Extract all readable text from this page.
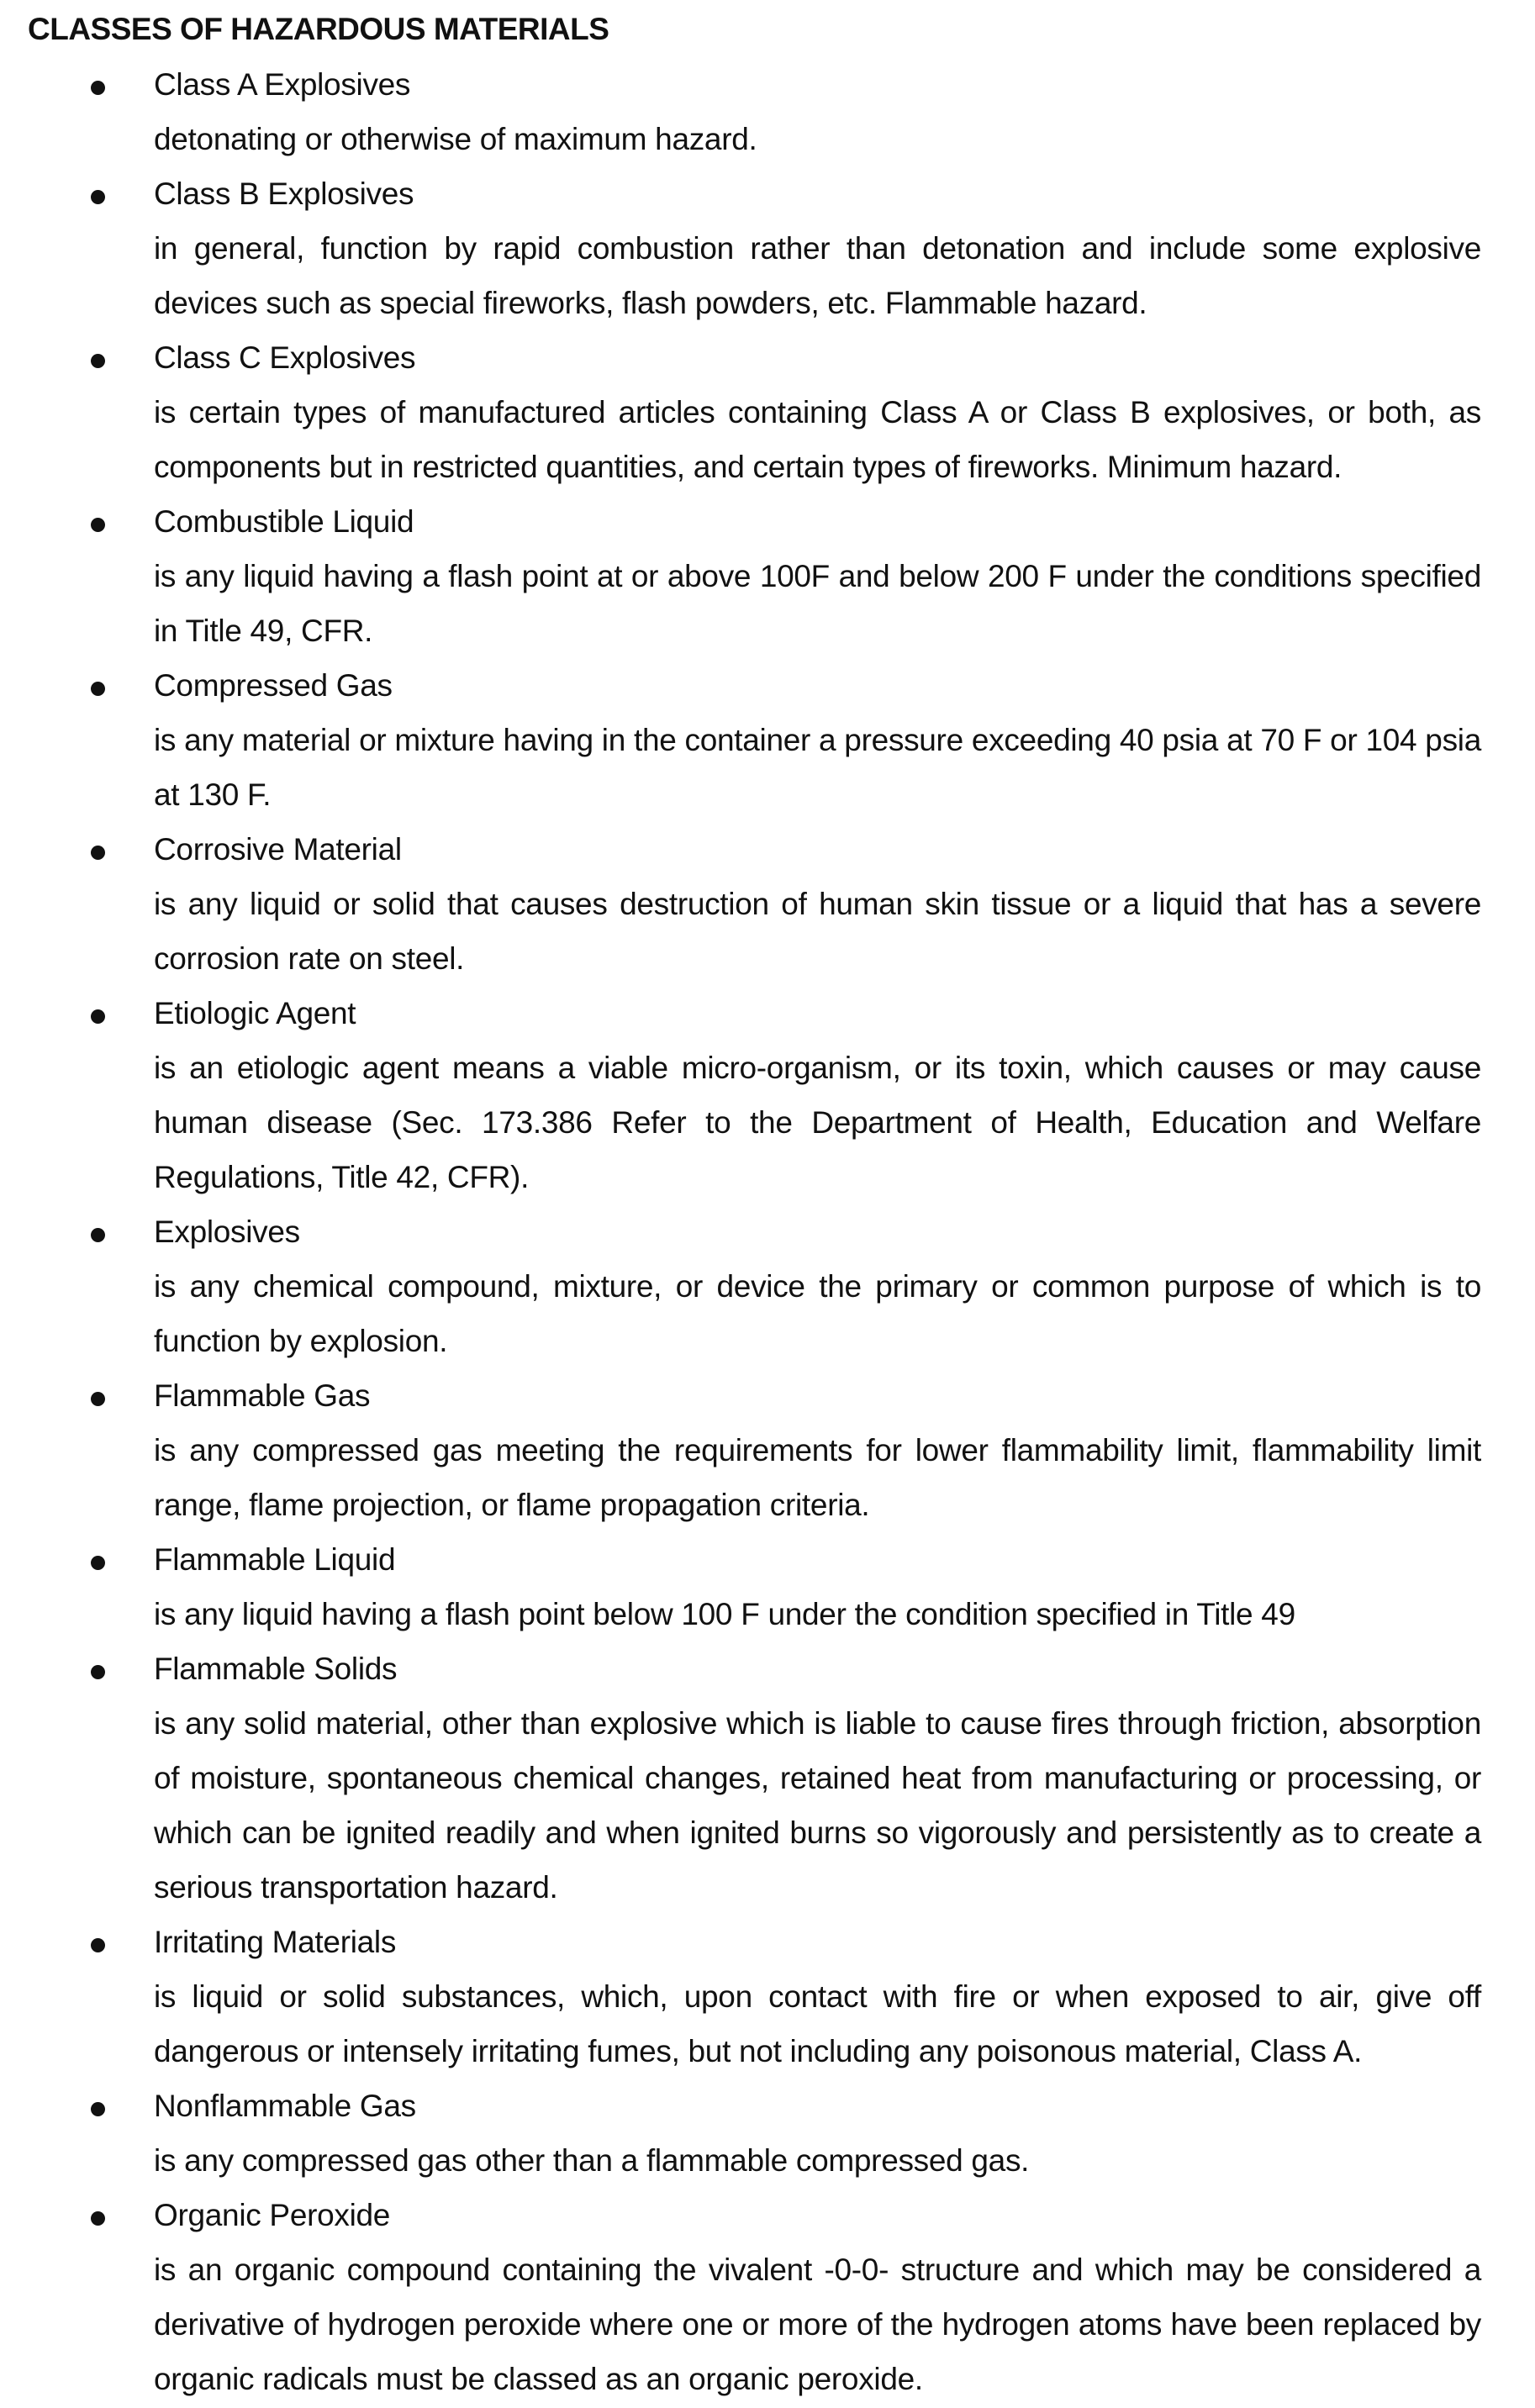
CLASSES OF HAZARDOUS MATERIALS
Class A Explosives
detonating or otherwise of maximum hazard.
Class B Explosives
in general, function by rapid combustion rather than detonation and include some explosive devices such as special fireworks, flash powders, etc. Flammable hazard.
Class C Explosives
is certain types of manufactured articles containing Class A or Class B explosives, or both, as components but in restricted quantities, and certain types of fireworks. Minimum hazard.
Combustible Liquid
is any liquid having a flash point at or above 100F and below 200 F under the conditions specified in Title 49, CFR.
Compressed Gas
is any material or mixture having in the container a pressure exceeding 40 psia at 70 F or 104 psia at 130 F.
Corrosive Material
is any liquid or solid that causes destruction of human skin tissue or a liquid that has a severe corrosion rate on steel.
Etiologic Agent
is an etiologic agent means a viable micro-organism, or its toxin, which causes or may cause human disease (Sec. 173.386 Refer to the Department of Health, Education and Welfare Regulations, Title 42, CFR).
Explosives
is any chemical compound, mixture, or device the primary or common purpose of which is to function by explosion.
Flammable Gas
is any compressed gas meeting the requirements for lower flammability limit, flammability limit range, flame projection, or flame propagation criteria.
Flammable Liquid
is any liquid having a flash point below 100 F under the condition specified in Title 49
Flammable Solids
is any solid material, other than explosive which is liable to cause fires through friction, absorption of moisture, spontaneous chemical changes, retained heat from manufacturing or processing, or which can be ignited readily and when ignited burns so vigorously and persistently as to create a serious transportation hazard.
Irritating Materials
is liquid or solid substances, which, upon contact with fire or when exposed to air, give off dangerous or intensely irritating fumes, but not including any poisonous material, Class A.
Nonflammable Gas
is any compressed gas other than a flammable compressed gas.
Organic Peroxide
is an organic compound containing the vivalent -0-0- structure and which may be considered a derivative of hydrogen peroxide where one or more of the hydrogen atoms have been replaced by organic radicals must be classed as an organic peroxide.
